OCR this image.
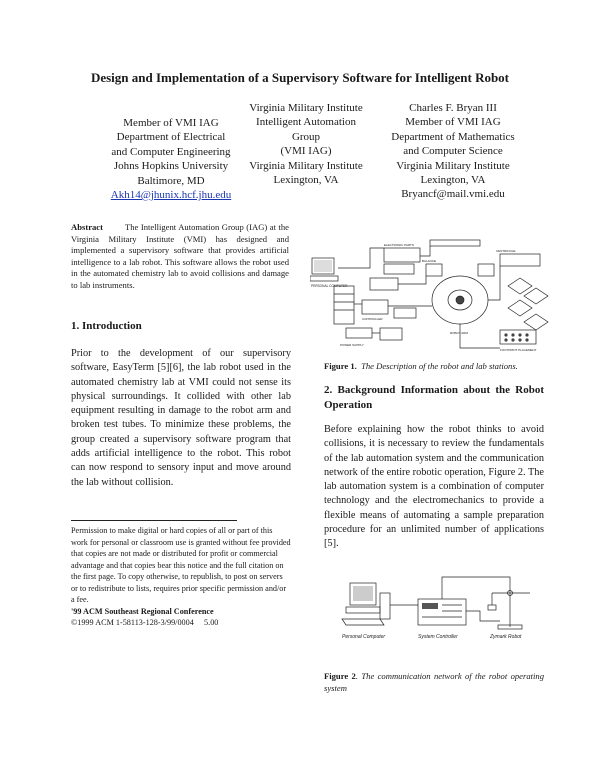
Design and Implementation of a Supervisory Software for Intelligent Robot
Member of VMI IAG
Department of Electrical
and Computer Engineering
Johns Hopkins University
Baltimore, MD
Akh14@jhunix.hcf.jhu.edu
Virginia Military Institute
Intelligent Automation
Group
(VMI IAG)
Virginia Military Institute
Lexington, VA
Charles F. Bryan III
Member of VMI IAG
Department of Mathematics
and Computer Science
Virginia Military Institute
Lexington, VA
Bryancf@mail.vmi.edu
Abstract	The Intelligent Automation Group (IAG) at the Virginia Military Institute (VMI) has designed and implemented a supervisory software that provides artificial intelligence to a lab robot. This software allows the robot used in the automated chemistry lab to avoid collisions and damage to lab instruments.
1. Introduction
Prior to the development of our supervisory software, EasyTerm [5][6], the lab robot used in the automated chemistry lab at VMI could not sense its physical surroundings. It collided with other lab equipment resulting in damage to the robot arm and broken test tubes. To minimize these problems, the group created a supervisory software program that adds artificial intelligence to the robot. This robot can now respond to sensory input and move around the lab without collision.
Permission to make digital or hard copies of all or part of this work for personal or classroom use is granted without fee provided that copies are not made or distributed for profit or commercial advantage and that copies bear this notice and the full citation on the first page. To copy otherwise, to republish, to post on servers or to redistribute to lists, requires prior specific permission and/or a fee.
'99 ACM Southeast Regional Conference
©1999 ACM 1-58113-128-3/99/0004     5.00
PERSONAL COMPUTER
ELECTRONIC PARTS
CONTROLLER
POWER SUPPLY
ROBOT ARM
BALANCE
CENTRIFUGE
FOOTPRINT PLACEMENT
Figure 1. The Description of the robot and lab stations.
2. Background Information about the Robot Operation
Before explaining how the robot thinks to avoid collisions, it is necessary to review the fundamentals of the lab automation system and the communication network of the entire robotic operation, Figure 2. The lab automation system is a combination of computer technology and the electromechanics to provide a flexible means of automating a sample preparation procedure for an unlimited number of applications [5].
Personal Computer	System Controller	Zymark Robot
Figure 2. The communication network of the robot operating system
